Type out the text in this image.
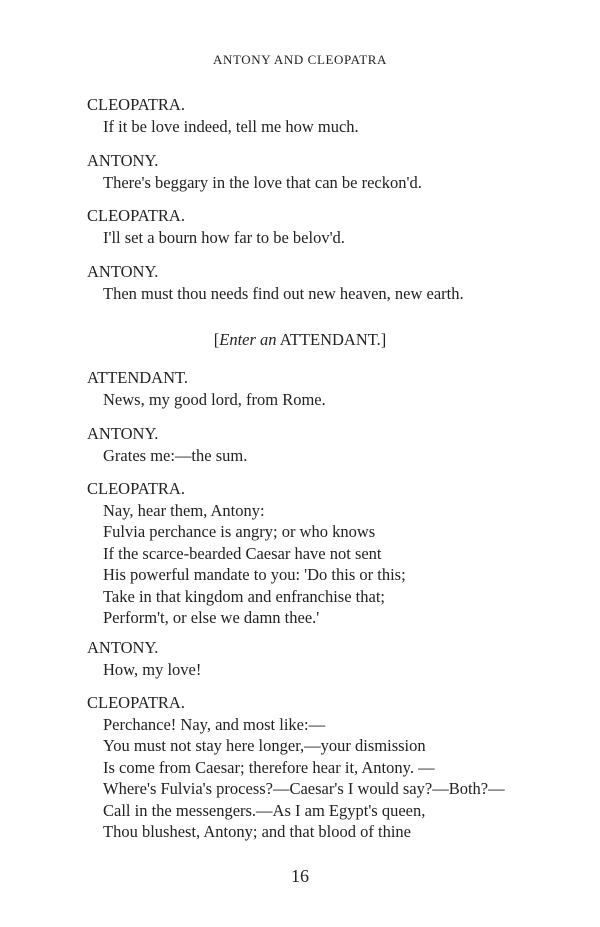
ANTONY AND CLEOPATRA
CLEOPATRA.
If it be love indeed, tell me how much.
ANTONY.
There's beggary in the love that can be reckon'd.
CLEOPATRA.
I'll set a bourn how far to be belov'd.
ANTONY.
Then must thou needs find out new heaven, new earth.
[Enter an ATTENDANT.]
ATTENDANT.
News, my good lord, from Rome.
ANTONY.
Grates me:—the sum.
CLEOPATRA.
Nay, hear them, Antony:
Fulvia perchance is angry; or who knows
If the scarce-bearded Caesar have not sent
His powerful mandate to you: 'Do this or this;
Take in that kingdom and enfranchise that;
Perform't, or else we damn thee.'
ANTONY.
How, my love!
CLEOPATRA.
Perchance! Nay, and most like:—
You must not stay here longer,—your dismission
Is come from Caesar; therefore hear it, Antony. —
Where's Fulvia's process?—Caesar's I would say?—Both?—
Call in the messengers.—As I am Egypt's queen,
Thou blushest, Antony; and that blood of thine
16
